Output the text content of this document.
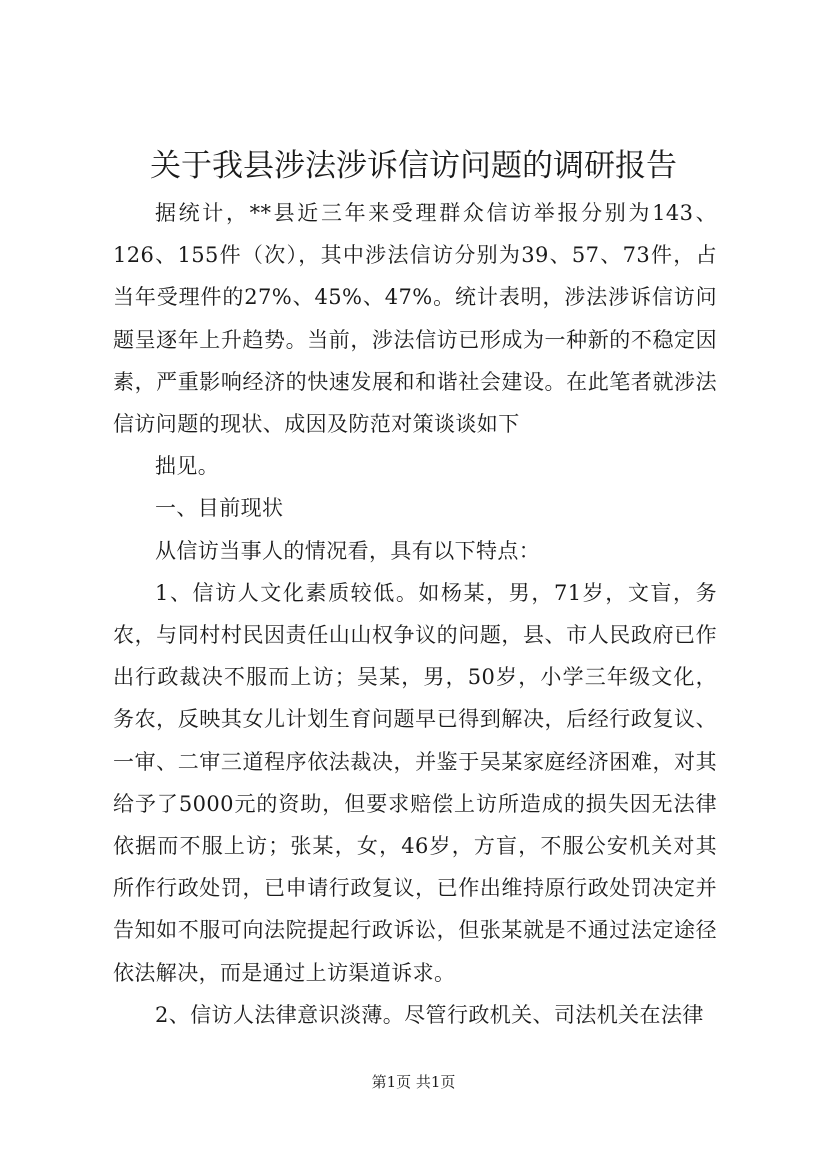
关于我县涉法涉诉信访问题的调研报告

据统计，**县近三年来受理群众信访举报分别为143、126、155件（次），其中涉法信访分别为39、57、73件，占当年受理件的27%、45%、47%。统计表明，涉法涉诉信访问题呈逐年上升趋势。当前，涉法信访已形成为一种新的不稳定因素，严重影响经济的快速发展和和谐社会建设。在此笔者就涉法信访问题的现状、成因及防范对策谈谈如下

拙见。

一、目前现状

从信访当事人的情况看，具有以下特点：

1、信访人文化素质较低。如杨某，男，71岁，文盲，务农，与同村村民因责任山山权争议的问题，县、市人民政府已作出行政裁决不服而上访；吴某，男，50岁，小学三年级文化，务农，反映其女儿计划生育问题早已得到解决，后经行政复议、一审、二审三道程序依法裁决，并鉴于吴某家庭经济困难，对其给予了5000元的资助，但要求赔偿上访所造成的损失因无法律依据而不服上访；张某，女，46岁，方盲，不服公安机关对其所作行政处罚，已申请行政复议，已作出维持原行政处罚决定并告知如不服可向法院提起行政诉讼，但张某就是不通过法定途径依法解决，而是通过上访渠道诉求。

2、信访人法律意识淡薄。尽管行政机关、司法机关在法律

第1页 共1页
